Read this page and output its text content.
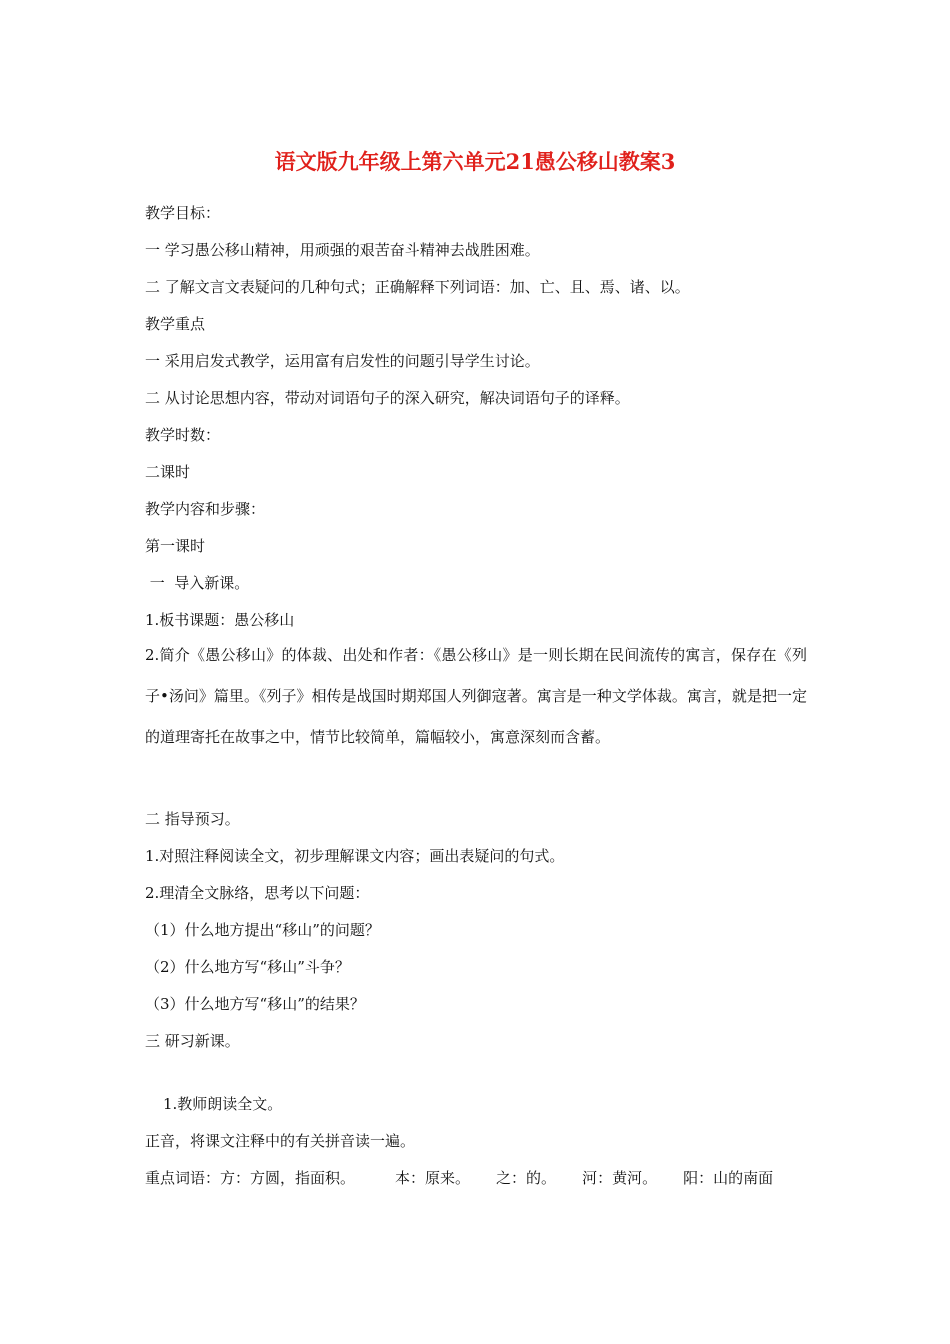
语文版九年级上第六单元21愚公移山教案3
教学目标：
一 学习愚公移山精神，用顽强的艰苦奋斗精神去战胜困难。
二 了解文言文表疑问的几种句式；正确解释下列词语：加、亡、且、焉、诸、以。
教学重点
一 采用启发式教学，运用富有启发性的问题引导学生讨论。
二 从讨论思想内容，带动对词语句子的深入研究，解决词语句子的译释。
教学时数：
二课时
教学内容和步骤：
第一课时
一  导入新课。
1.板书课题：愚公移山
2.简介《愚公移山》的体裁、出处和作者：《愚公移山》是一则长期在民间流传的寓言，保存在《列子•汤问》篇里。《列子》相传是战国时期郑国人列御寇著。寓言是一种文学体裁。寓言，就是把一定的道理寄托在故事之中，情节比较简单，篇幅较小，寓意深刻而含蓄。
二 指导预习。
1.对照注释阅读全文，初步理解课文内容；画出表疑问的句式。
2.理清全文脉络，思考以下问题：
（1）什么地方提出“移山”的问题？
（2）什么地方写“移山”斗争？
（3）什么地方写“移山”的结果？
三 研习新课。
1.教师朗读全文。
正音，将课文注释中的有关拼音读一遍。
重点词语：方：方圆，指面积。	本：原来。 之：的。 河：黄河。 阳：山的南面
